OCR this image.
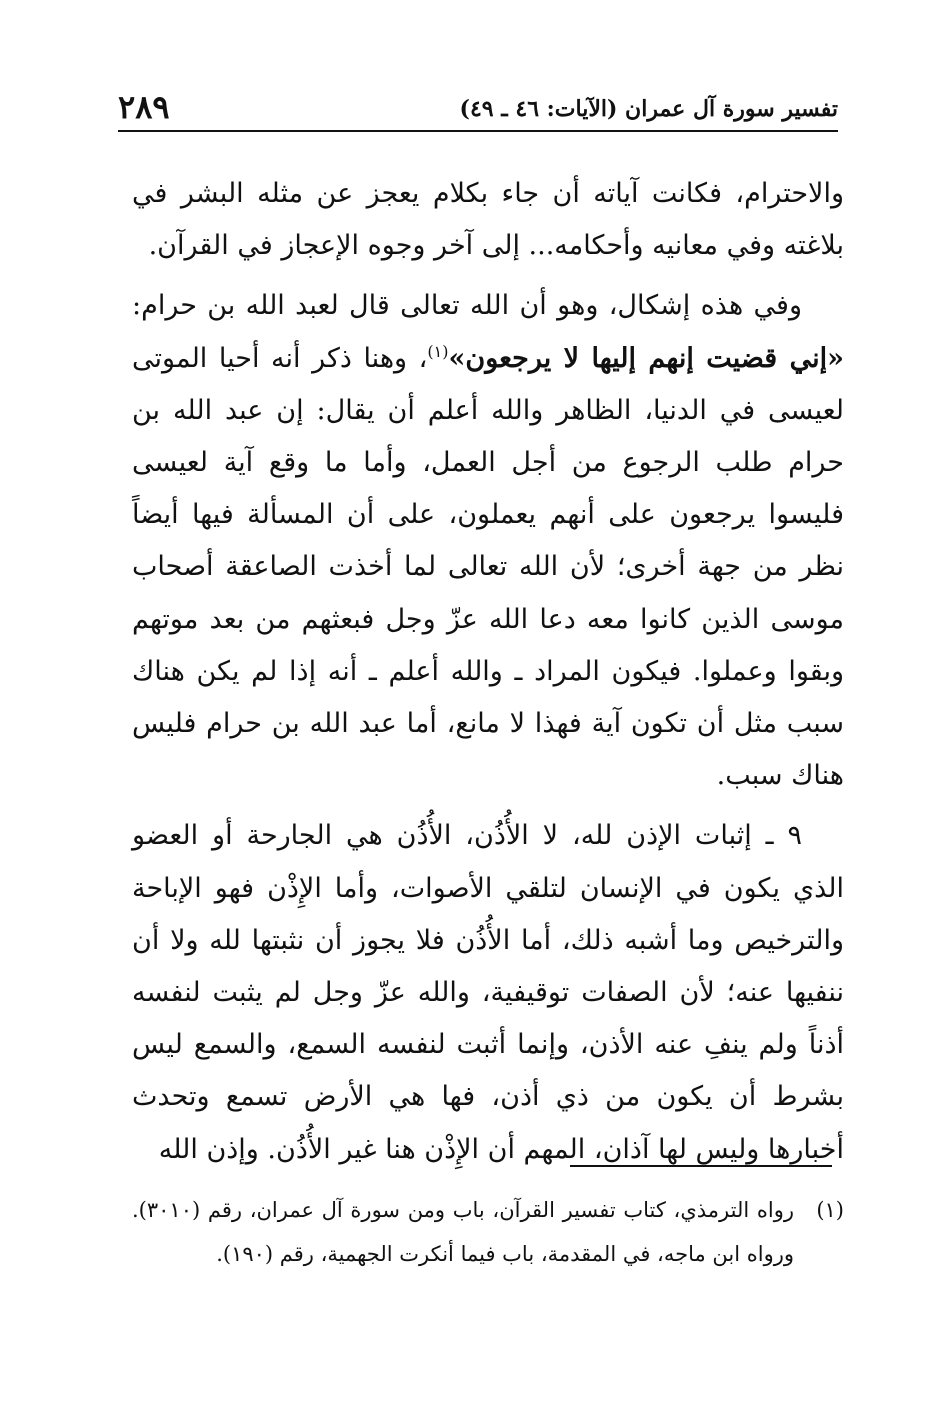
تفسير سورة آل عمران (الآيات: ٤٦ ـ ٤٩)
٢٨٩

والاحترام، فكانت آياته أن جاء بكلام يعجز عن مثله البشر في بلاغته وفي معانيه وأحكامه... إلى آخر وجوه الإعجاز في القرآن.

وفي هذه إشكال، وهو أن الله تعالى قال لعبد الله بن حرام: «إني قضيت إنهم إليها لا يرجعون»$^{(١)}$، وهنا ذكر أنه أحيا الموتى لعيسى في الدنيا، الظاهر والله أعلم أن يقال: إن عبد الله بن حرام طلب الرجوع من أجل العمل، وأما ما وقع آية لعيسى فليسوا يرجعون على أنهم يعملون، على أن المسألة فيها أيضاً نظر من جهة أخرى؛ لأن الله تعالى لما أخذت الصاعقة أصحاب موسى الذين كانوا معه دعا الله عزّ وجل فبعثهم من بعد موتهم وبقوا وعملوا. فيكون المراد ـ والله أعلم ـ أنه إذا لم يكن هناك سبب مثل أن تكون آية فهذا لا مانع، أما عبد الله بن حرام فليس هناك سبب.

٩ ـ إثبات الإذن لله، لا الأُذُن، الأُذُن هي الجارحة أو العضو الذي يكون في الإنسان لتلقي الأصوات، وأما الإِذْن فهو الإباحة والترخيص وما أشبه ذلك، أما الأُذُن فلا يجوز أن نثبتها لله ولا أن ننفيها عنه؛ لأن الصفات توقيفية، والله عزّ وجل لم يثبت لنفسه أذناً ولم ينفِ عنه الأذن، وإنما أثبت لنفسه السمع، والسمع ليس بشرط أن يكون من ذي أذن، فها هي الأرض تسمع وتحدث أخبارها وليس لها آذان، المهم أن الإِذْن هنا غير الأُذُن. وإذن الله

(١)
رواه الترمذي، كتاب تفسير القرآن، باب ومن سورة آل عمران، رقم (٣٠١٠). ورواه ابن ماجه، في المقدمة، باب فيما أنكرت الجهمية، رقم (١٩٠).
